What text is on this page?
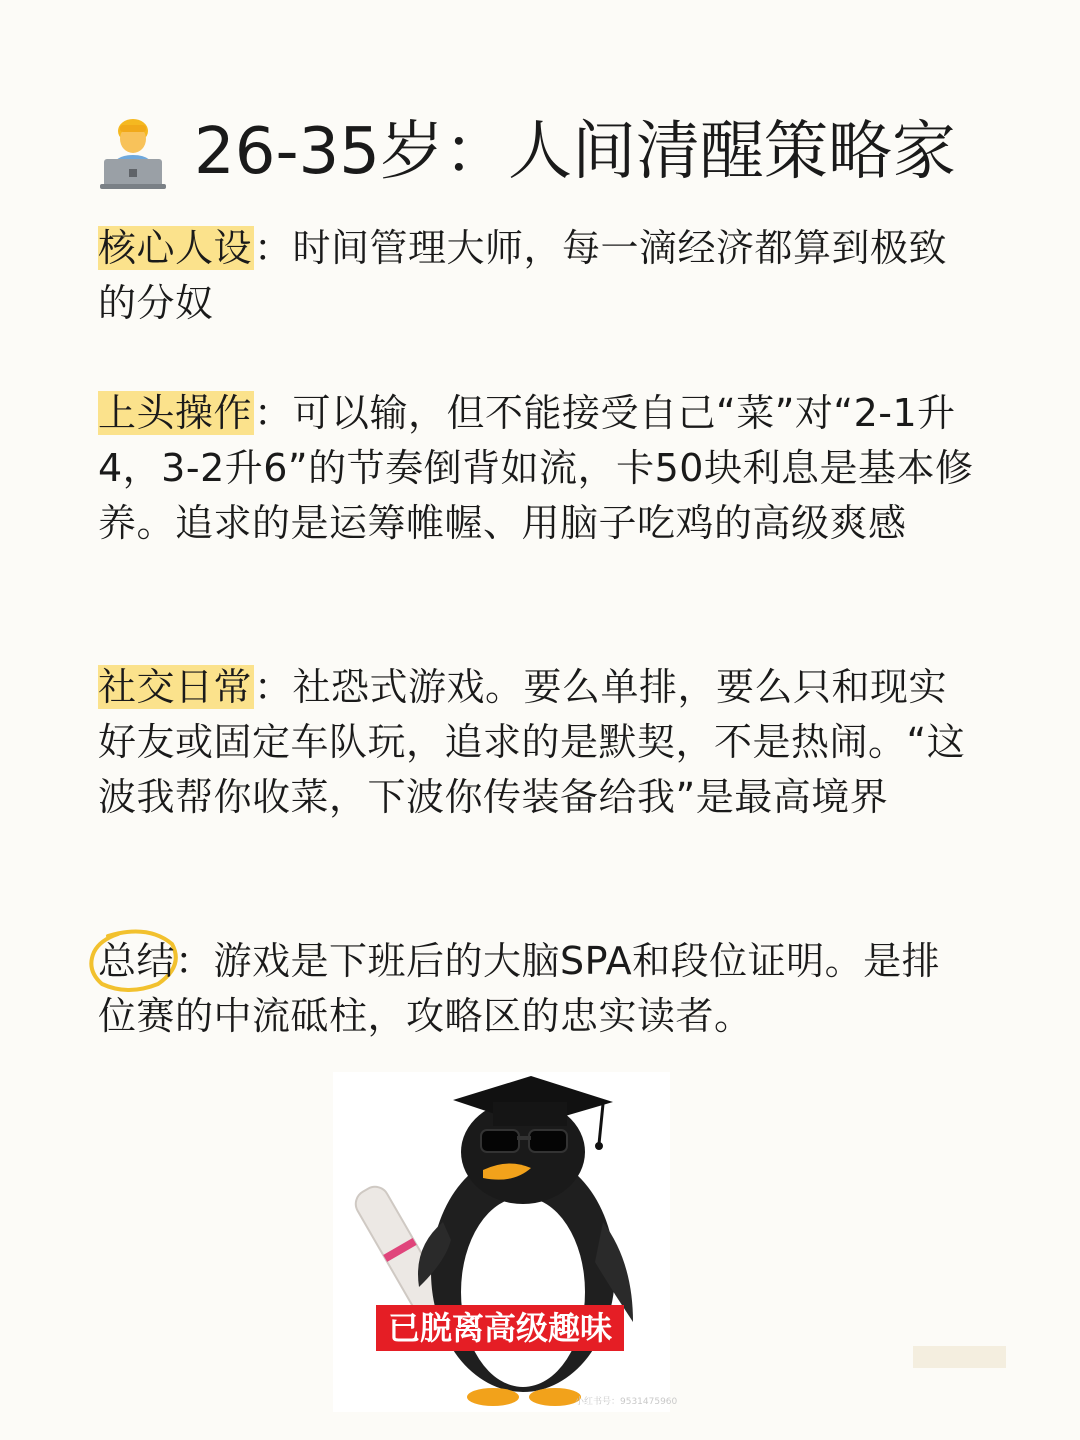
26-35岁：人间清醒策略家
核心人设：时间管理大师，每一滴经济都算到极致的分奴
上头操作：可以输，但不能接受自己“菜”对“2-1升4，3-2升6”的节奏倒背如流，卡50块利息是基本修养。追求的是运筹帷幄、用脑子吃鸡的高级爽感
社交日常：社恐式游戏。要么单排，要么只和现实好友或固定车队玩，追求的是默契，不是热闹。“这波我帮你收菜，下波你传装备给我”是最高境界
总结：游戏是下班后的大脑SPA和段位证明。是排位赛的中流砥柱，攻略区的忠实读者。
已脱离高级趣味
小红书号：9531475960
